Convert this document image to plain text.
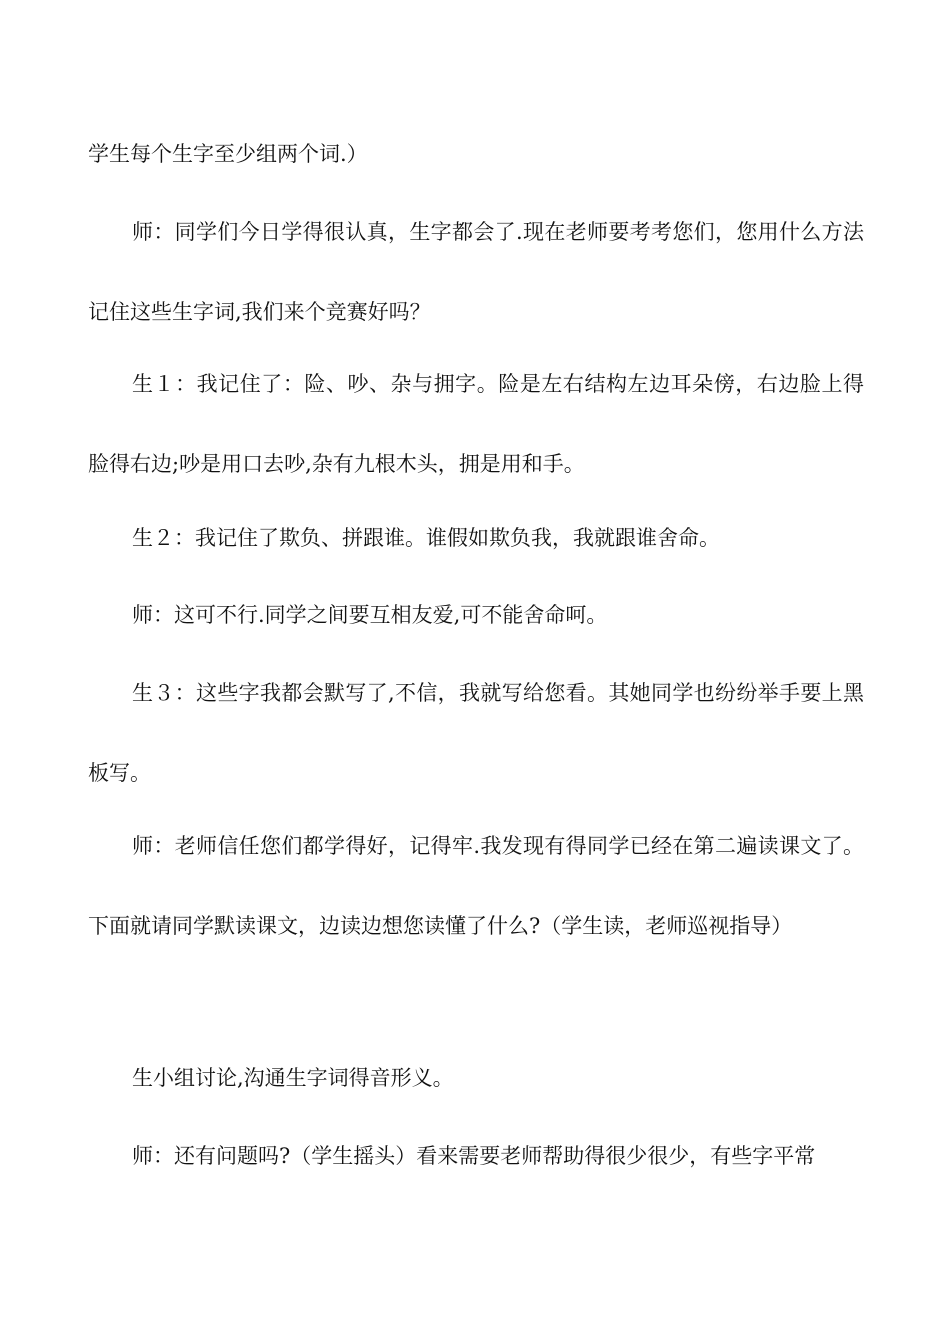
学生每个生字至少组两个词.）

师：同学们今日学得很认真，生字都会了.现在老师要考考您们，您用什么方法记住这些生字词,我们来个竞赛好吗？

生１：我记住了：险、吵、杂与拥字。险是左右结构左边耳朵傍，右边脸上得脸得右边;吵是用口去吵,杂有九根木头，拥是用和手。

生２：我记住了欺负、拼跟谁。谁假如欺负我，我就跟谁舍命。

师：这可不行.同学之间要互相友爱,可不能舍命呵。

生３：这些字我都会默写了,不信，我就写给您看。其她同学也纷纷举手要上黑板写。

师：老师信任您们都学得好，记得牢.我发现有得同学已经在第二遍读课文了。下面就请同学默读课文，边读边想您读懂了什么?（学生读，老师巡视指导）

生小组讨论,沟通生字词得音形义。

师：还有问题吗?（学生摇头）看来需要老师帮助得很少很少，有些字平常
